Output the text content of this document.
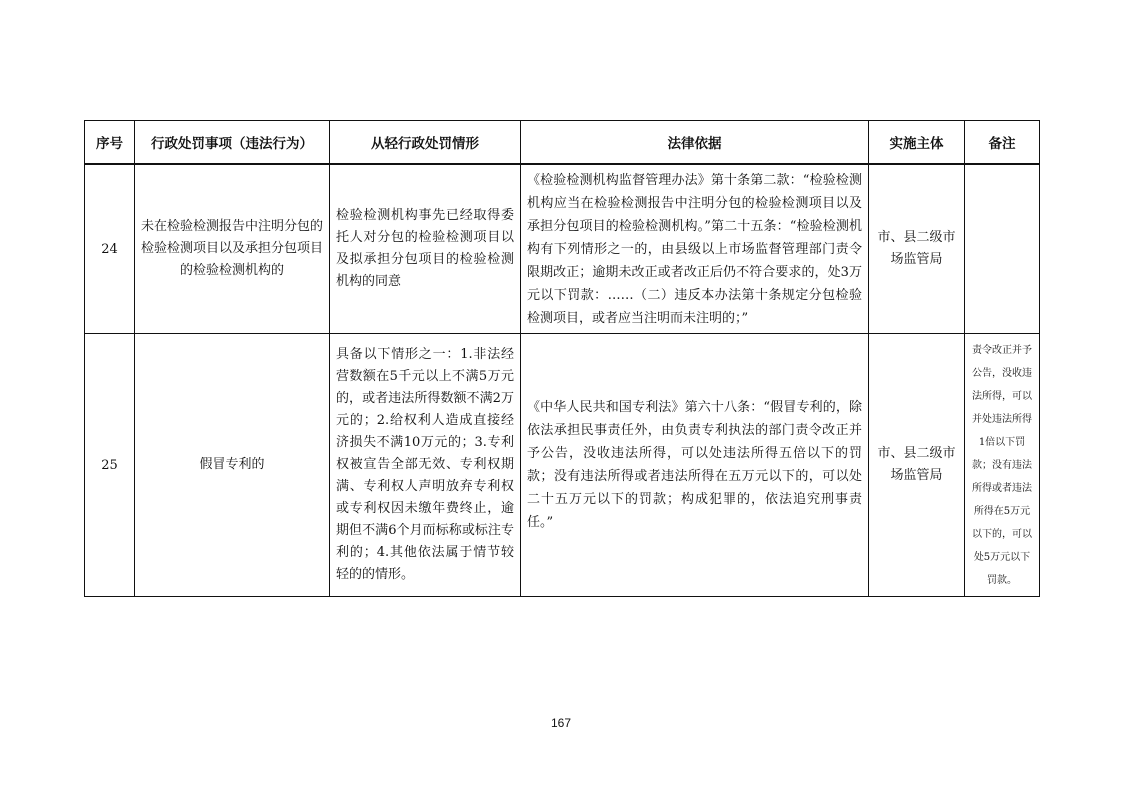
序号	行政处罚事项（违法行为）	从轻行政处罚情形	法律依据	实施主体	备注
24	未在检验检测报告中注明分包的检验检测项目以及承担分包项目的检验检测机构的	检验检测机构事先已经取得委托人对分包的检验检测项目以及拟承担分包项目的检验检测机构的同意	《检验检测机构监督管理办法》第十条第二款：“检验检测机构应当在检验检测报告中注明分包的检验检测项目以及承担分包项目的检验检测机构。”第二十五条：“检验检测机构有下列情形之一的，由县级以上市场监督管理部门责令限期改正；逾期未改正或者改正后仍不符合要求的，处3万元以下罚款：……（二）违反本办法第十条规定分包检验检测项目，或者应当注明而未注明的；”	市、县二级市场监管局	
25	假冒专利的	具备以下情形之一：1.非法经营数额在5千元以上不满5万元的，或者违法所得数额不满2万元的；2.给权利人造成直接经济损失不满10万元的；3.专利权被宣告全部无效、专利权期满、专利权人声明放弃专利权或专利权因未缴年费终止，逾期但不满6个月而标称或标注专利的；4.其他依法属于情节较轻的的情形。	《中华人民共和国专利法》第六十八条：“假冒专利的，除依法承担民事责任外，由负责专利执法的部门责令改正并予公告，没收违法所得，可以处违法所得五倍以下的罚款；没有违法所得或者违法所得在五万元以下的，可以处二十五万元以下的罚款；构成犯罪的，依法追究刑事责任。”	市、县二级市场监管局	责令改正并予公告，没收违法所得，可以并处违法所得1倍以下罚款；没有违法所得或者违法所得在5万元以下的，可以处5万元以下罚款。
167
